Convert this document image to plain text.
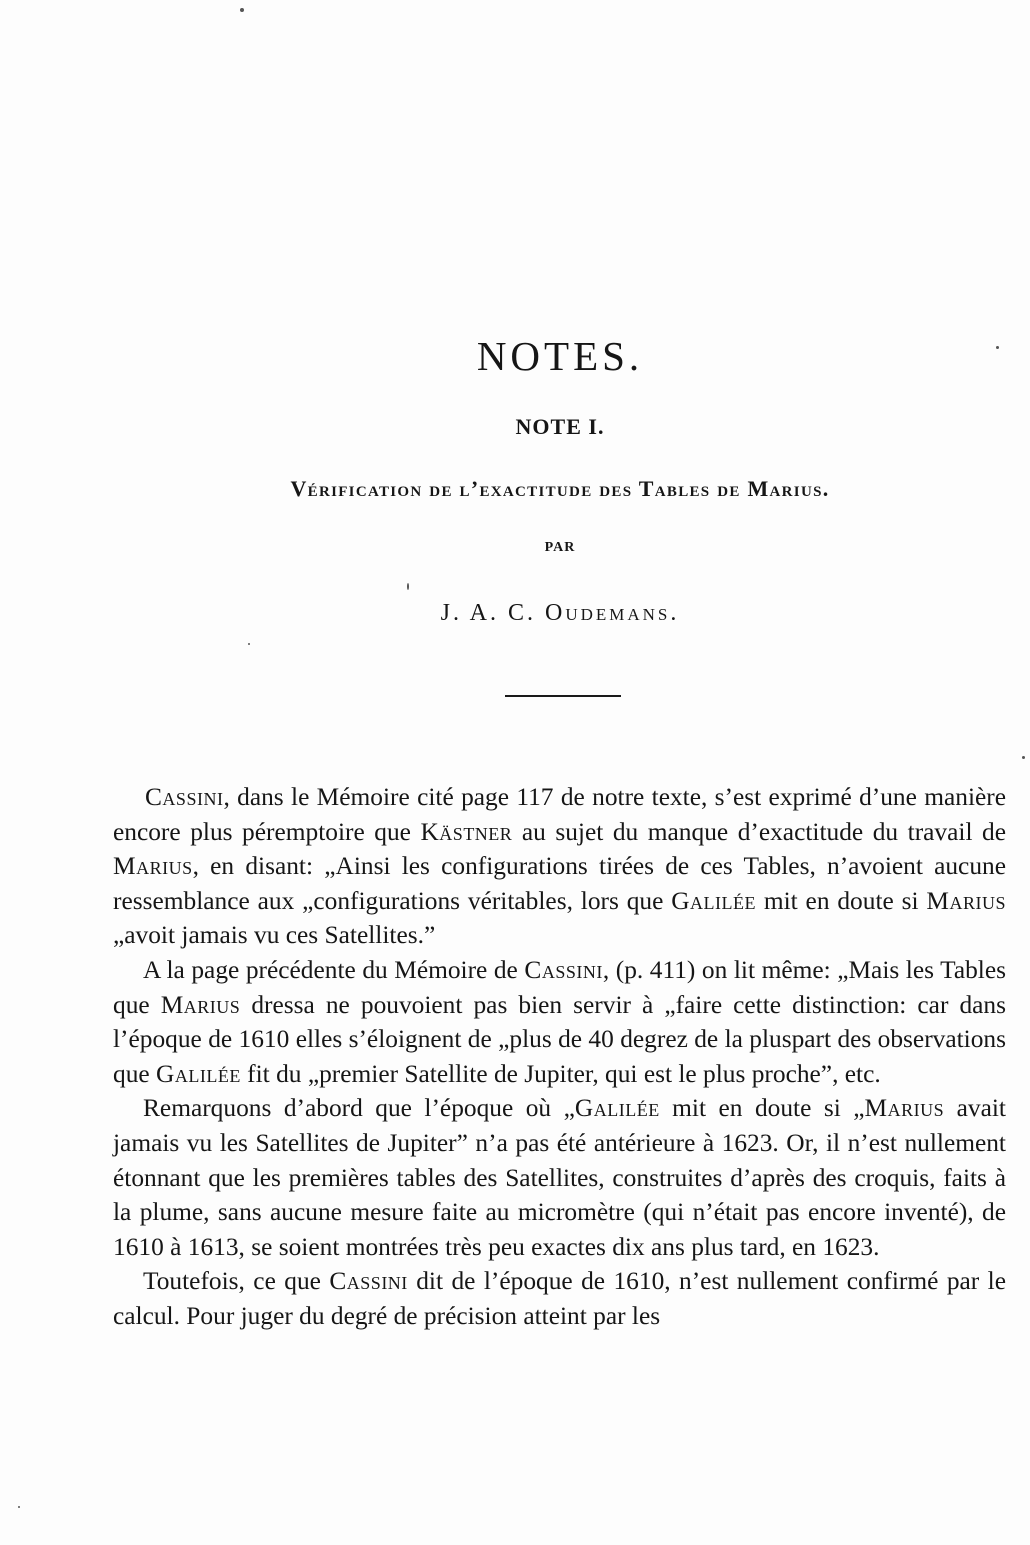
NOTES.
NOTE I.
Vérification de l’exactitude des Tables de Marius.
PAR
J. A. C. Oudemans.

Cassini, dans le Mémoire cité page 117 de notre texte, s’est exprimé d’une manière encore plus péremptoire que Kästner au sujet du manque d’exactitude du travail de Marius, en disant: „Ainsi les configurations tirées de ces Tables, n’avoient aucune ressemblance aux „configurations véritables, lors que Galilée mit en doute si Marius „avoit jamais vu ces Satellites.”

A la page précédente du Mémoire de Cassini, (p. 411) on lit même: „Mais les Tables que Marius dressa ne pouvoient pas bien servir à „faire cette distinction: car dans l’époque de 1610 elles s’éloignent de „plus de 40 degrez de la pluspart des observations que Galilée fit du „premier Satellite de Jupiter, qui est le plus proche”, etc.

Remarquons d’abord que l’époque où „Galilée mit en doute si „Marius avait jamais vu les Satellites de Jupiter” n’a pas été antérieure à 1623. Or, il n’est nullement étonnant que les premières tables des Satellites, construites d’après des croquis, faits à la plume, sans aucune mesure faite au micromètre (qui n’était pas encore inventé), de 1610 à 1613, se soient montrées très peu exactes dix ans plus tard, en 1623.

Toutefois, ce que Cassini dit de l’époque de 1610, n’est nullement confirmé par le calcul. Pour juger du degré de précision atteint par les
